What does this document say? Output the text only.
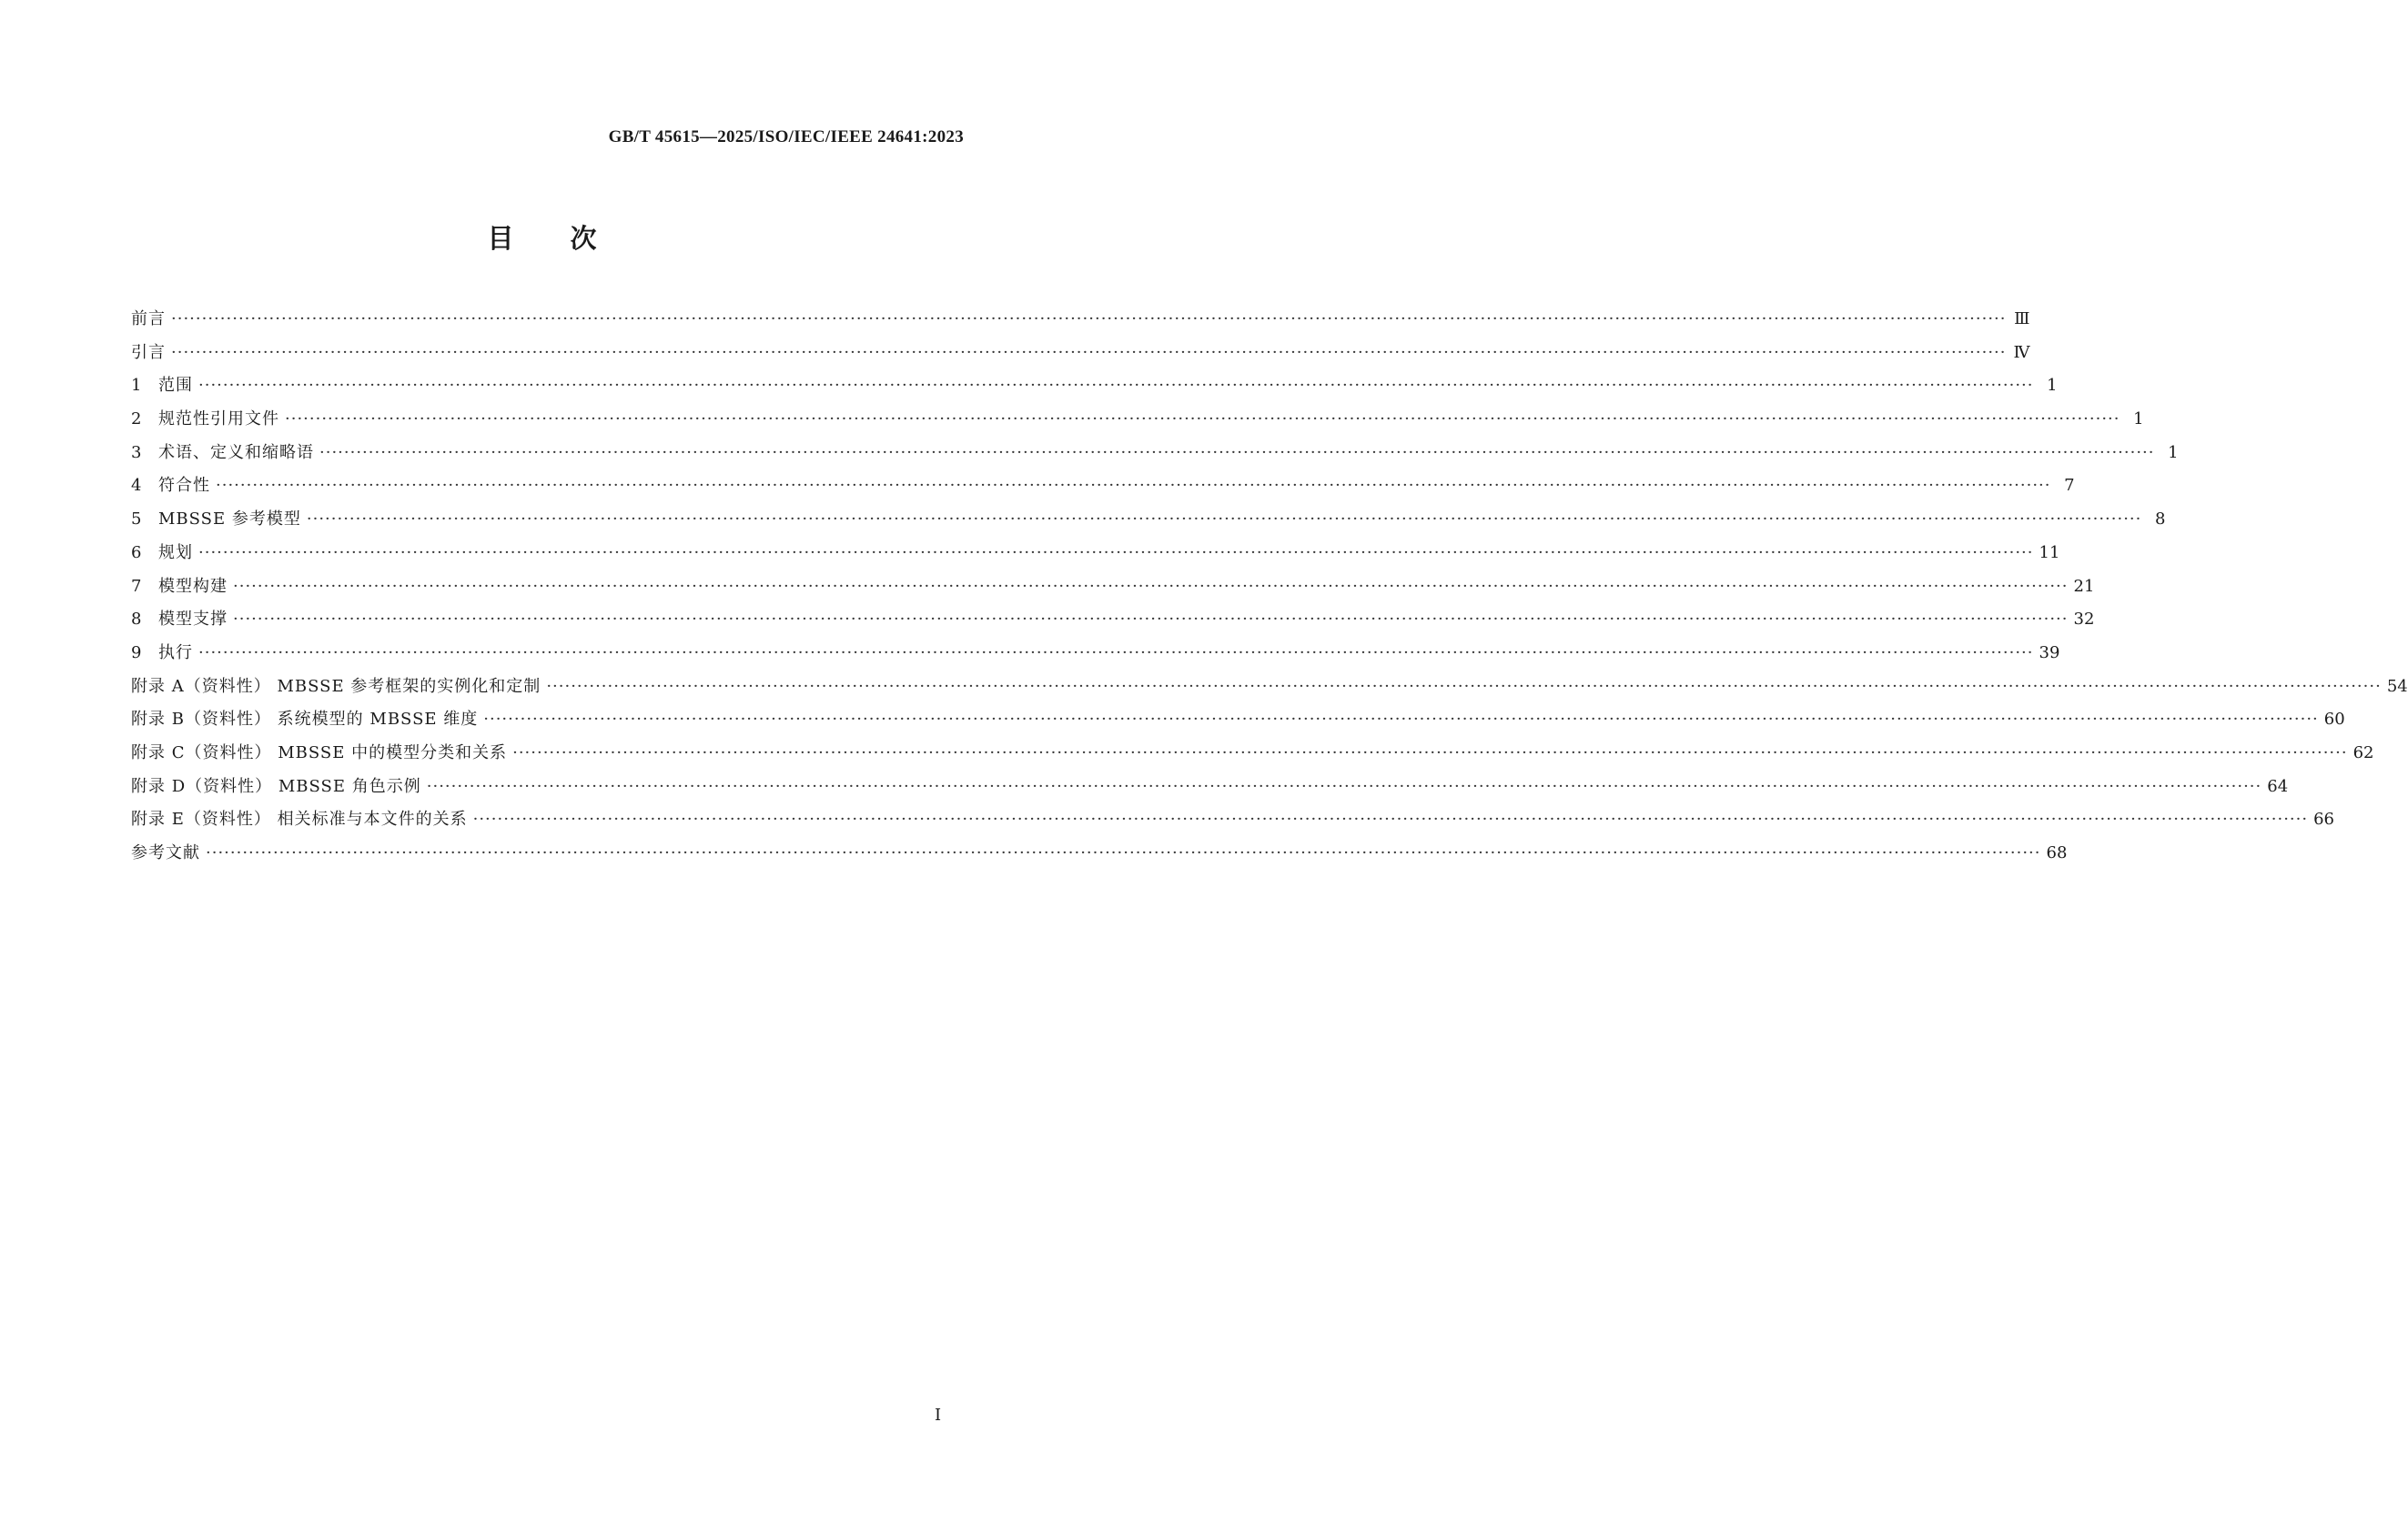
GB/T 45615—2025/ISO/IEC/IEEE 24641:2023
目次
前言 ············································································································································································································································································································ Ⅲ
引言 ············································································································································································································································································································ Ⅳ
1	范围 ············································································································································································································································································································ 1
2	规范性引用文件 ············································································································································································································································································································ 1
3	术语、定义和缩略语 ············································································································································································································································································································ 1
4	符合性 ············································································································································································································································································································ 7
5	MBSSE 参考模型 ············································································································································································································································································································ 8
6	规划 ············································································································································································································································································································ 11
7	模型构建 ············································································································································································································································································································ 21
8	模型支撑 ············································································································································································································································································································ 32
9	执行 ············································································································································································································································································································ 39
附录 A（资料性） MBSSE 参考框架的实例化和定制 ············································································································································································································································································································ 54
附录 B（资料性） 系统模型的 MBSSE 维度 ············································································································································································································································································································ 60
附录 C（资料性） MBSSE 中的模型分类和关系 ············································································································································································································································································································ 62
附录 D（资料性） MBSSE 角色示例 ············································································································································································································································································································ 64
附录 E（资料性） 相关标准与本文件的关系 ············································································································································································································································································································ 66
参考文献 ············································································································································································································································································································ 68
Ⅰ
